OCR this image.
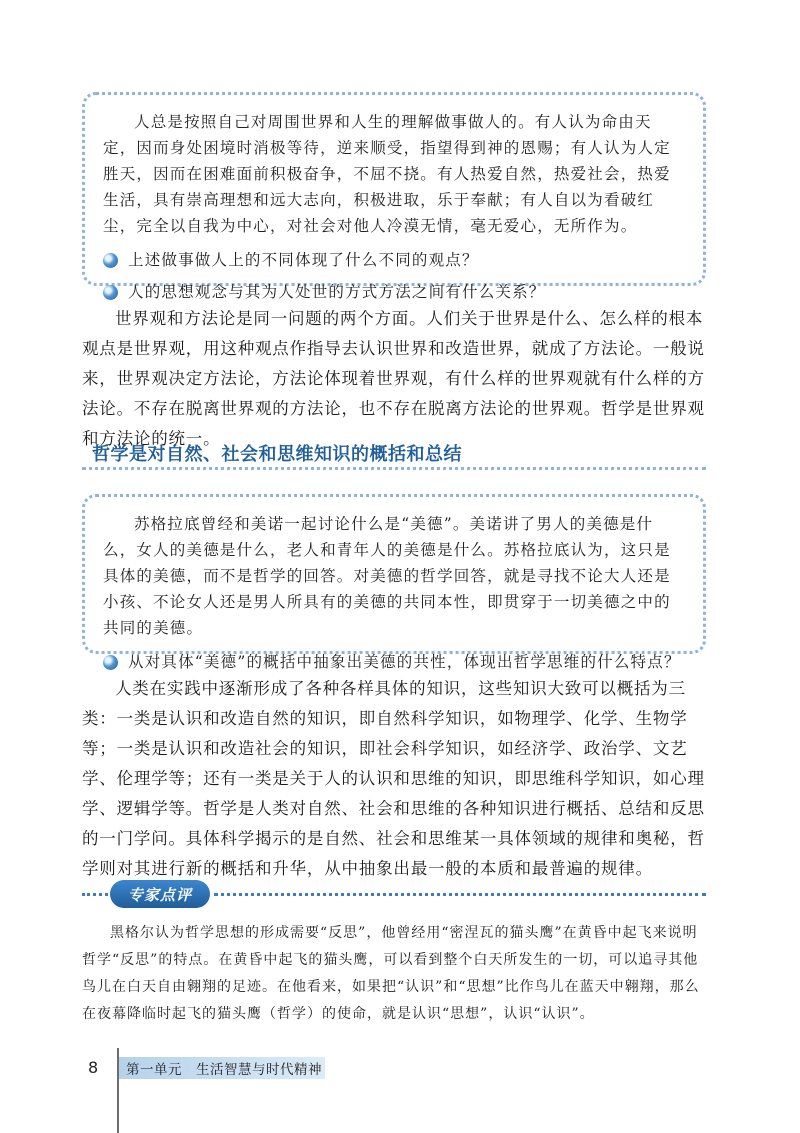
人总是按照自己对周围世界和人生的理解做事做人的。有人认为命由天定，因而身处困境时消极等待，逆来顺受，指望得到神的恩赐；有人认为人定胜天，因而在困难面前积极奋争，不屈不挠。有人热爱自然，热爱社会，热爱生活，具有崇高理想和远大志向，积极进取，乐于奉献；有人自以为看破红尘，完全以自我为中心，对社会对他人冷漠无情，毫无爱心，无所作为。

上述做事做人上的不同体现了什么不同的观点？
人的思想观念与其为人处世的方式方法之间有什么关系？

世界观和方法论是同一问题的两个方面。人们关于世界是什么、怎么样的根本观点是世界观，用这种观点作指导去认识世界和改造世界，就成了方法论。一般说来，世界观决定方法论，方法论体现着世界观，有什么样的世界观就有什么样的方法论。不存在脱离世界观的方法论，也不存在脱离方法论的世界观。哲学是世界观和方法论的统一。

哲学是对自然、社会和思维知识的概括和总结

苏格拉底曾经和美诺一起讨论什么是“美德”。美诺讲了男人的美德是什么，女人的美德是什么，老人和青年人的美德是什么。苏格拉底认为，这只是具体的美德，而不是哲学的回答。对美德的哲学回答，就是寻找不论大人还是小孩、不论女人还是男人所具有的美德的共同本性，即贯穿于一切美德之中的共同的美德。

从对具体“美德”的概括中抽象出美德的共性，体现出哲学思维的什么特点？

人类在实践中逐渐形成了各种各样具体的知识，这些知识大致可以概括为三类：一类是认识和改造自然的知识，即自然科学知识，如物理学、化学、生物学等；一类是认识和改造社会的知识，即社会科学知识，如经济学、政治学、文艺学、伦理学等；还有一类是关于人的认识和思维的知识，即思维科学知识，如心理学、逻辑学等。哲学是人类对自然、社会和思维的各种知识进行概括、总结和反思的一门学问。具体科学揭示的是自然、社会和思维某一具体领域的规律和奥秘，哲学则对其进行新的概括和升华，从中抽象出最一般的本质和最普遍的规律。

专家点评

黑格尔认为哲学思想的形成需要“反思”，他曾经用“密涅瓦的猫头鹰”在黄昏中起飞来说明哲学“反思”的特点。在黄昏中起飞的猫头鹰，可以看到整个白天所发生的一切，可以追寻其他鸟儿在白天自由翱翔的足迹。在他看来，如果把“认识”和“思想”比作鸟儿在蓝天中翱翔，那么在夜幕降临时起飞的猫头鹰（哲学）的使命，就是认识“思想”，认识“认识”。

8 第一单元 生活智慧与时代精神
